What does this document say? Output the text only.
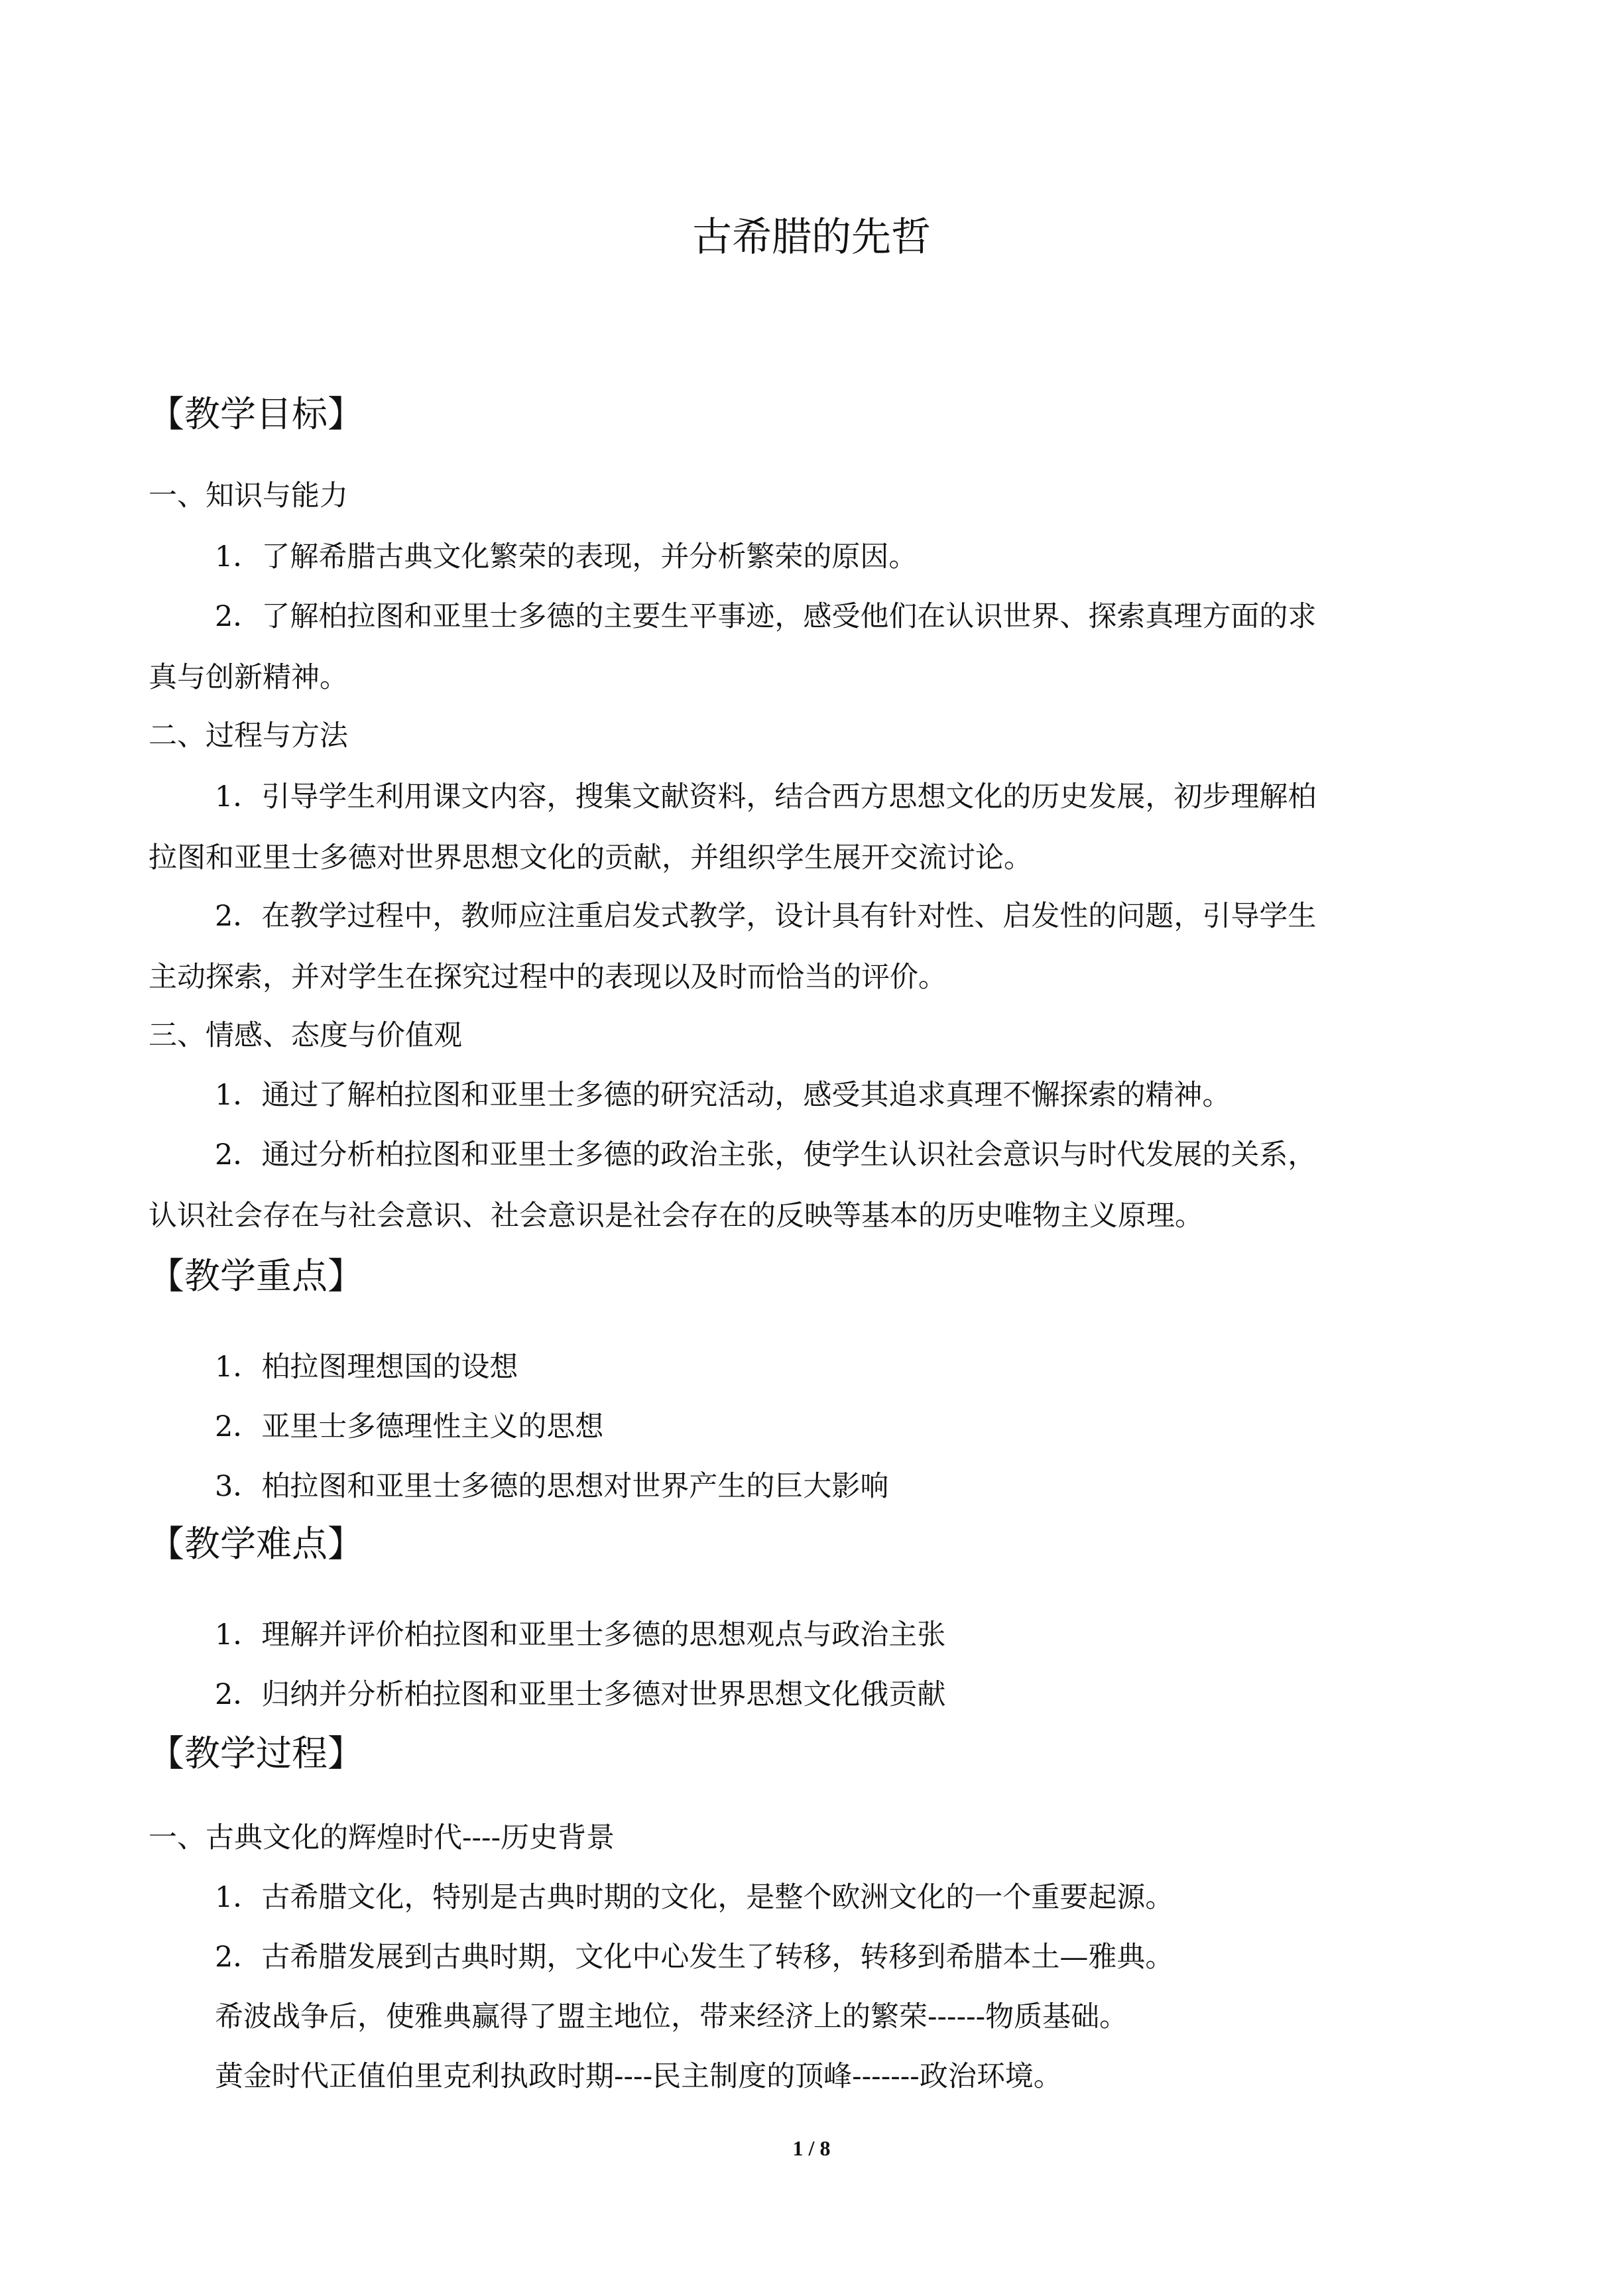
古希腊的先哲
【教学目标】
一、知识与能力

1．了解希腊古典文化繁荣的表现，并分析繁荣的原因。

2．了解柏拉图和亚里士多德的主要生平事迹，感受他们在认识世界、探索真理方面的求
真与创新精神。
二、过程与方法
1．引导学生利用课文内容，搜集文献资料，结合西方思想文化的历史发展，初步理解柏
拉图和亚里士多德对世界思想文化的贡献，并组织学生展开交流讨论。
2．在教学过程中，教师应注重启发式教学，设计具有针对性、启发性的问题，引导学生
主动探索，并对学生在探究过程中的表现以及时而恰当的评价。
三、情感、态度与价值观

1．通过了解柏拉图和亚里士多德的研究活动，感受其追求真理不懈探索的精神。

2．通过分析柏拉图和亚里士多德的政治主张，使学生认识社会意识与时代发展的关系，
认识社会存在与社会意识、社会意识是社会存在的反映等基本的历史唯物主义原理。
【教学重点】

1．柏拉图理想国的设想

2．亚里士多德理性主义的思想

3．柏拉图和亚里士多德的思想对世界产生的巨大影响

【教学难点】

1．理解并评价柏拉图和亚里士多德的思想观点与政治主张

2．归纳并分析柏拉图和亚里士多德对世界思想文化俄贡献

【教学过程】
一、古典文化的辉煌时代----历史背景

1．古希腊文化，特别是古典时期的文化，是整个欧洲文化的一个重要起源。

2．古希腊发展到古典时期，文化中心发生了转移，转移到希腊本土—雅典。

希波战争后，使雅典赢得了盟主地位，带来经济上的繁荣------物质基础。

黄金时代正值伯里克利执政时期----民主制度的顶峰-------政治环境。

1 / 8
